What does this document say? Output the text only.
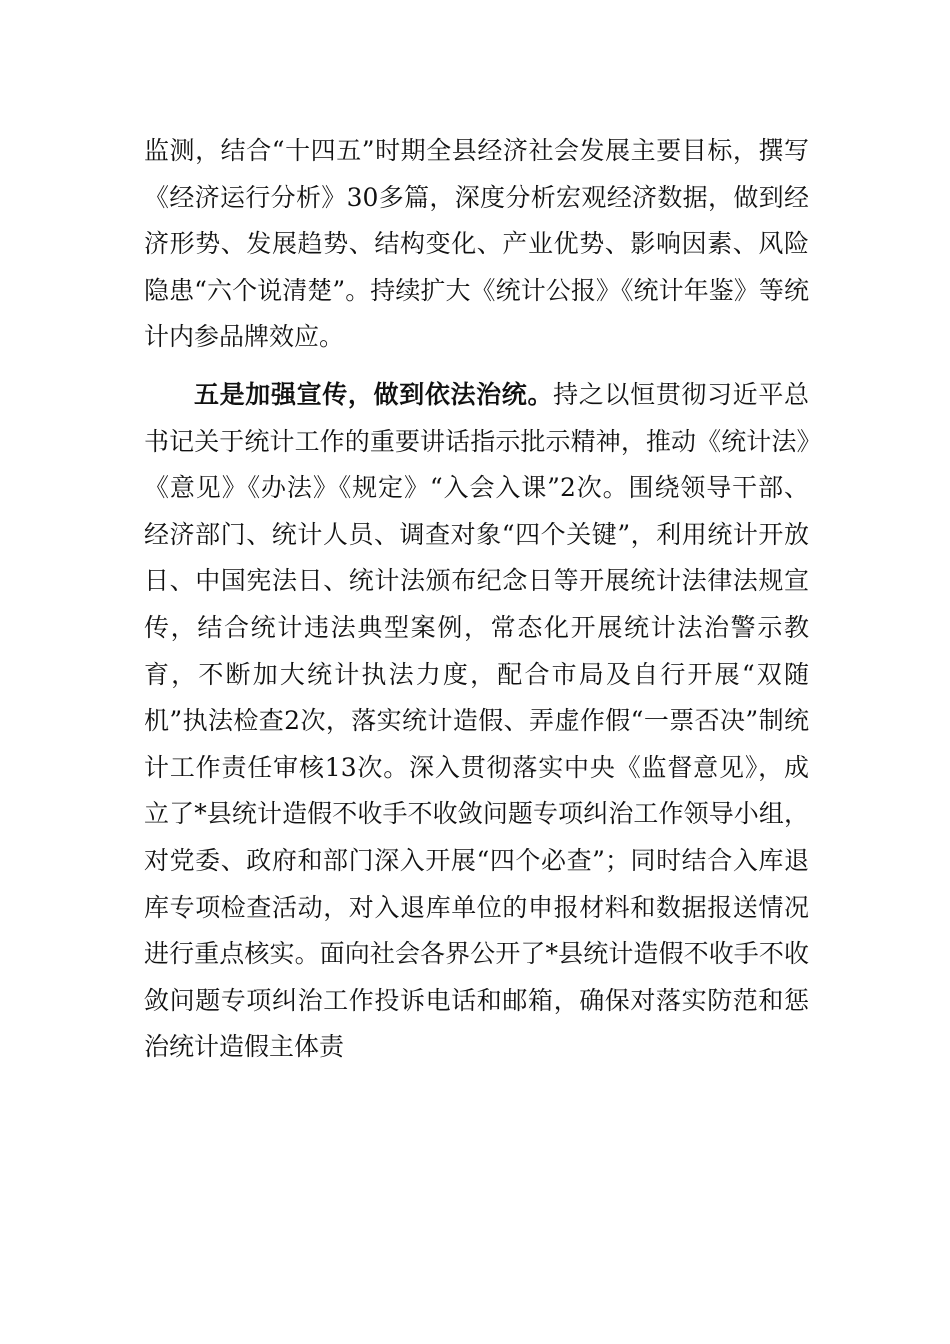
监测，结合“十四五”时期全县经济社会发展主要目标，撰写《经济运行分析》30多篇，深度分析宏观经济数据，做到经济形势、发展趋势、结构变化、产业优势、影响因素、风险隐患“六个说清楚”。持续扩大《统计公报》《统计年鉴》等统计内参品牌效应。

五是加强宣传，做到依法治统。持之以恒贯彻习近平总书记关于统计工作的重要讲话指示批示精神，推动《统计法》《意见》《办法》《规定》“入会入课”2次。围绕领导干部、经济部门、统计人员、调查对象“四个关键”，利用统计开放日、中国宪法日、统计法颁布纪念日等开展统计法律法规宣传，结合统计违法典型案例，常态化开展统计法治警示教育，不断加大统计执法力度，配合市局及自行开展“双随机”执法检查2次，落实统计造假、弄虚作假“一票否决”制统计工作责任审核13次。深入贯彻落实中央《监督意见》，成立了*县统计造假不收手不收敛问题专项纠治工作领导小组，对党委、政府和部门深入开展“四个必查”；同时结合入库退库专项检查活动，对入退库单位的申报材料和数据报送情况进行重点核实。面向社会各界公开了*县统计造假不收手不收敛问题专项纠治工作投诉电话和邮箱，确保对落实防范和惩治统计造假主体责
